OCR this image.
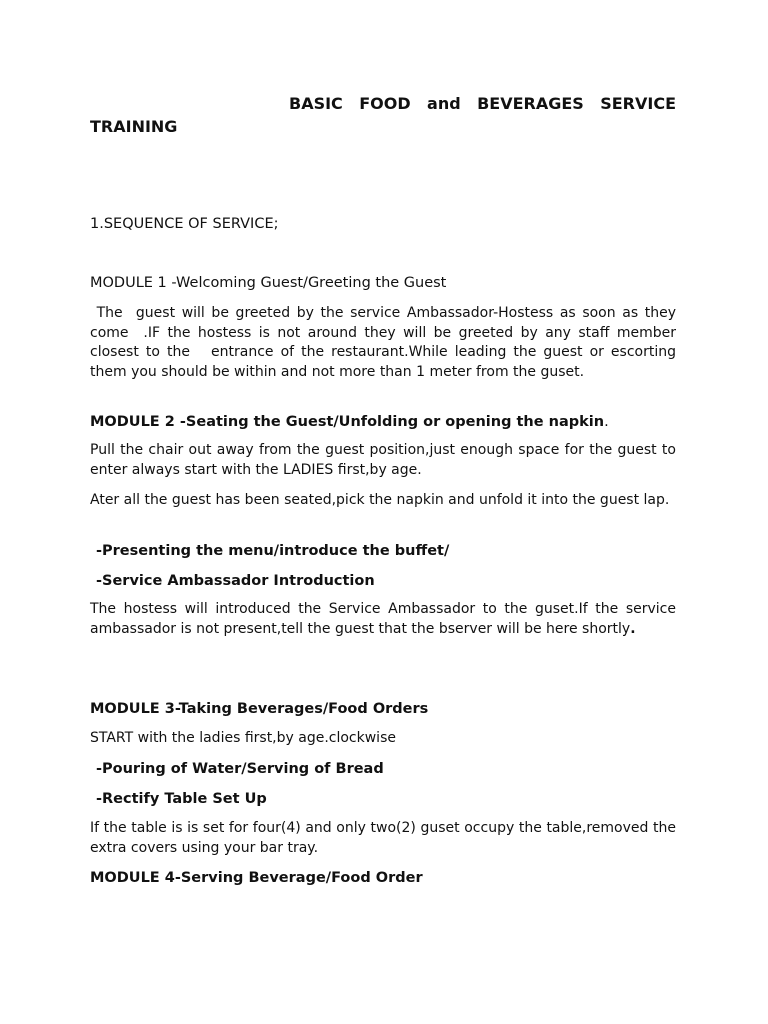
BASIC FOOD and BEVERAGES SERVICE TRAINING

1.SEQUENCE OF SERVICE;

MODULE 1 -Welcoming Guest/Greeting the Guest

The  guest will be greeted by the service Ambassador-Hostess as soon as they come  .IF the hostess is not around they will be greeted by any staff member closest to the   entrance of the restaurant.While leading the guest or escorting them you should be within and not more than 1 meter from the guset.

MODULE 2 -Seating the Guest/Unfolding or opening the napkin.

Pull the chair out away from the guest position,just enough space for the guest to enter always start with the LADIES first,by age.

Ater all the guest has been seated,pick the napkin and unfold it into the guest lap.

-Presenting the menu/introduce the buffet/

-Service Ambassador Introduction

The hostess will introduced the Service Ambassador to the guset.If the service ambassador is not present,tell the guest that the bserver will be here shortly.

MODULE 3-Taking Beverages/Food Orders

START with the ladies first,by age.clockwise

-Pouring of Water/Serving of Bread

-Rectify Table Set Up

If the table is is set for four(4) and only two(2) guset occupy the table,removed the extra covers using your bar tray.

MODULE 4-Serving Beverage/Food Order
